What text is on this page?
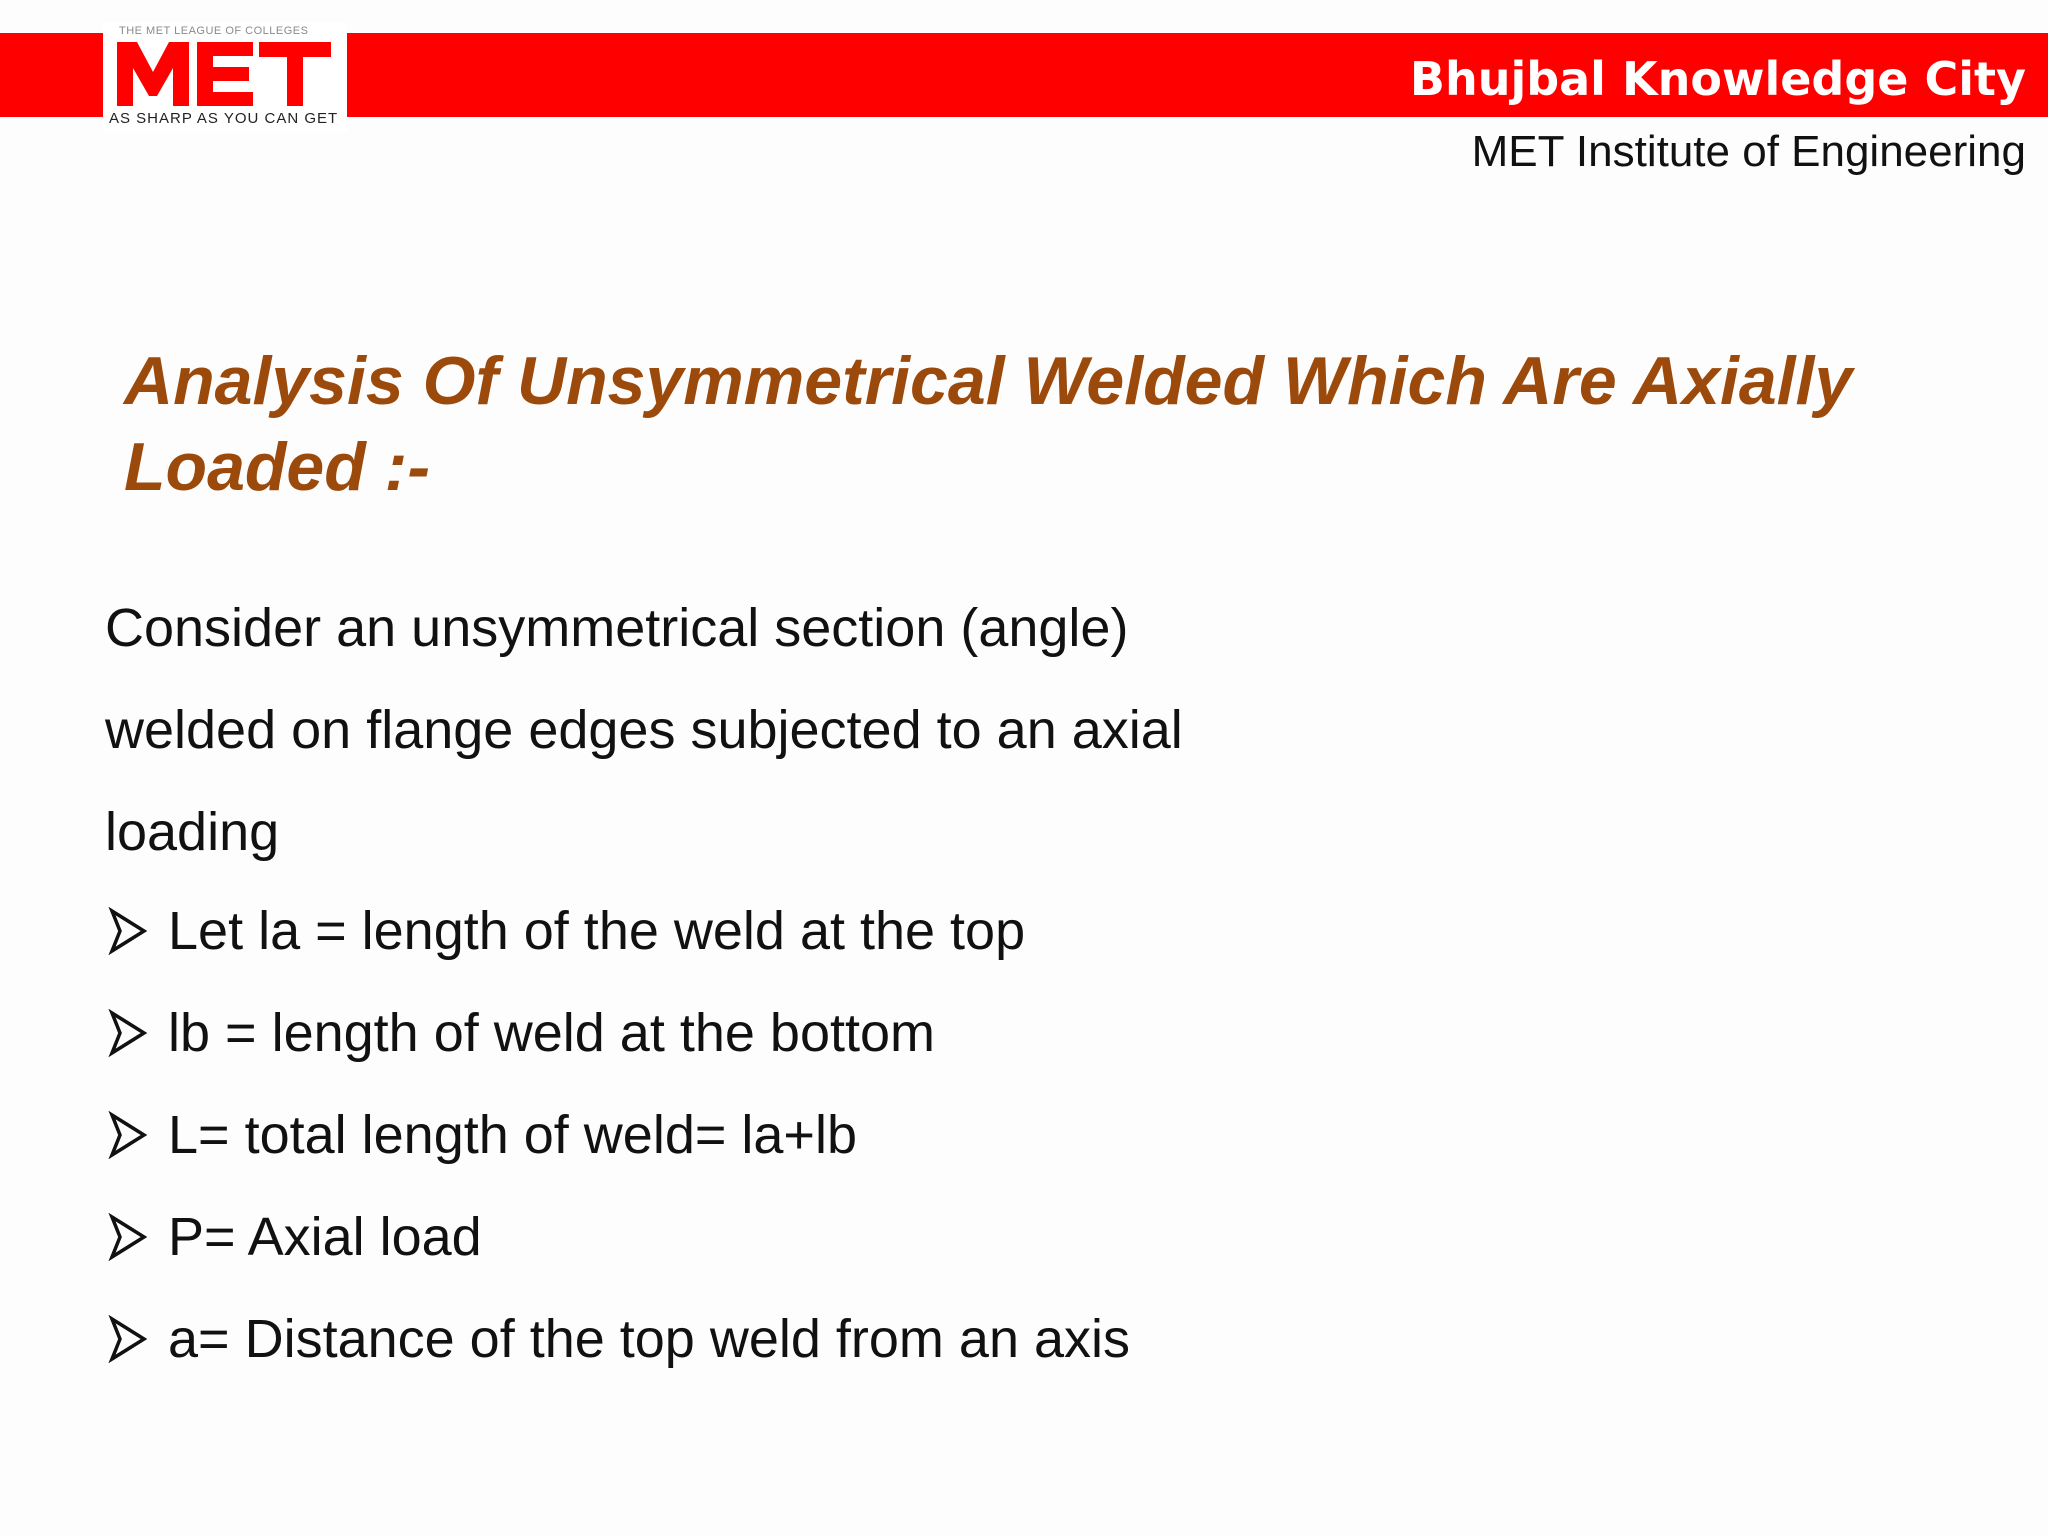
THE MET LEAGUE OF COLLEGES
AS SHARP AS YOU CAN GET
Bhujbal Knowledge City
MET Institute of Engineering
Analysis Of Unsymmetrical Welded Which Are Axially Loaded :-
Consider an unsymmetrical section (angle)
welded on flange edges subjected to an axial
loading
Let la = length of the weld at the top
lb = length of weld at the bottom
L= total length of weld= la+lb
P= Axial load
a= Distance of the top weld from an axis
